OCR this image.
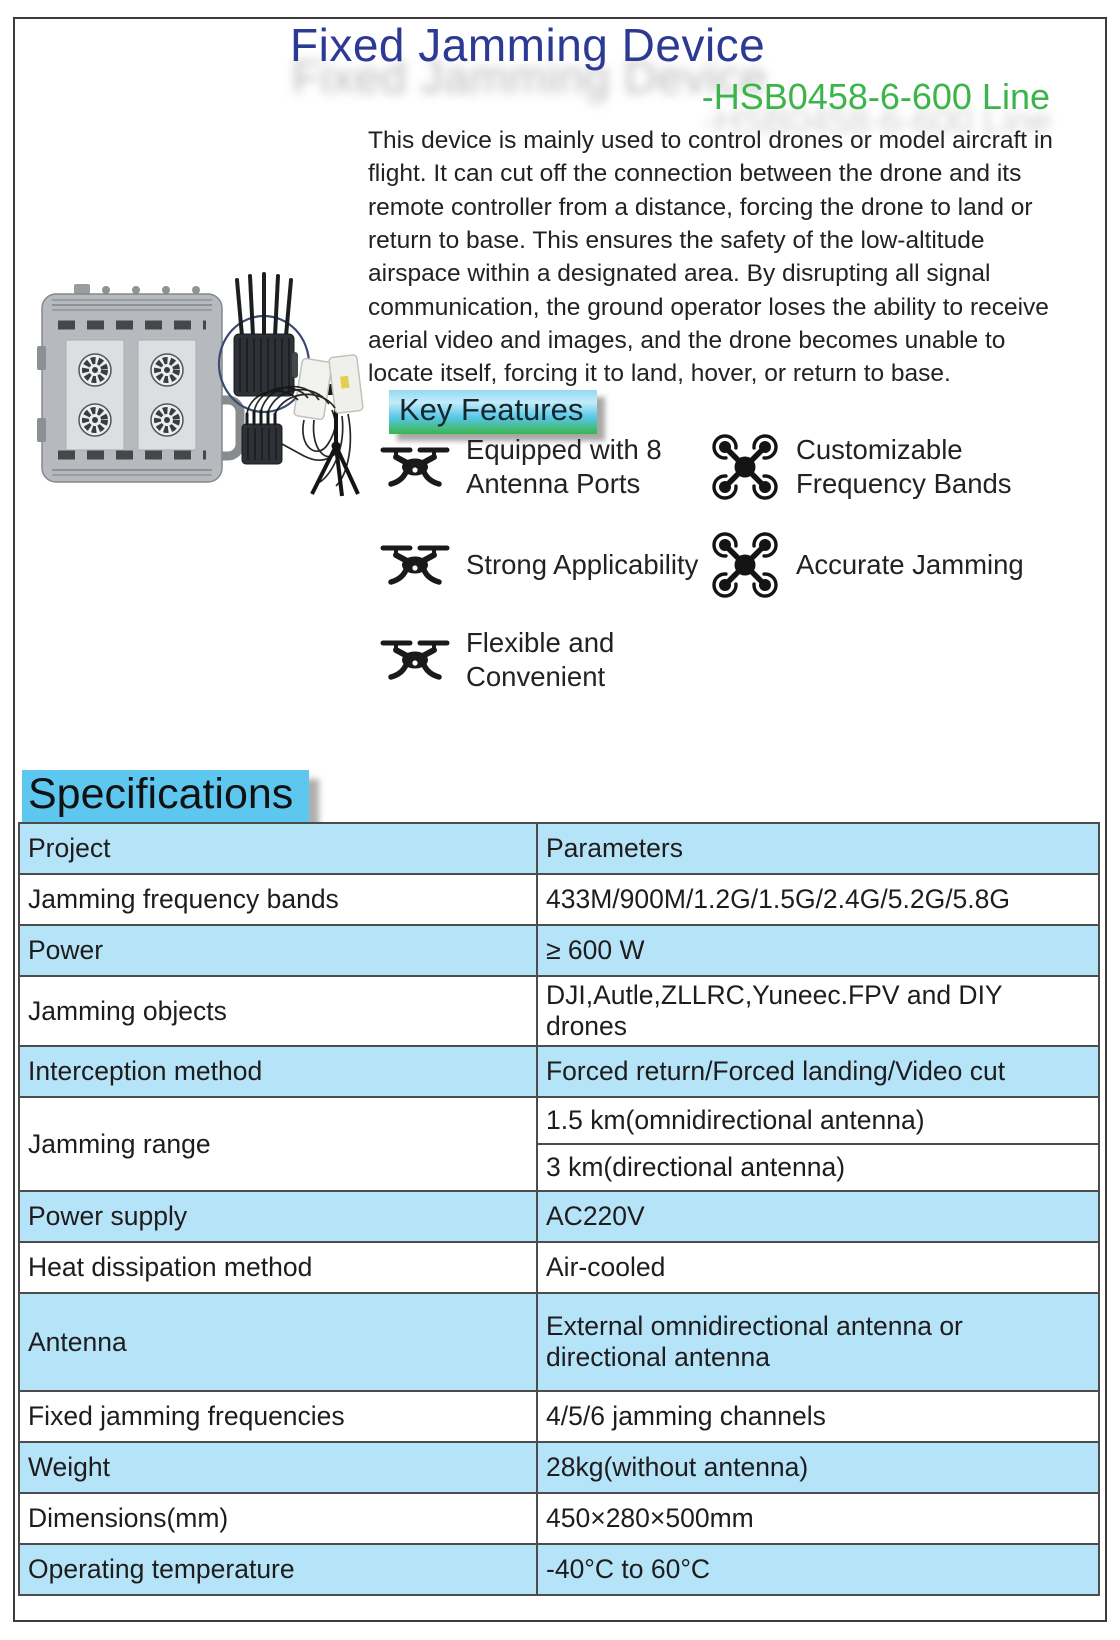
Fixed Jamming Device
-HSB0458-6-600 Line
This device is mainly used to control drones or model aircraft in flight. It can cut off the connection between the drone and its remote controller from a distance, forcing the drone to land or return to base. This ensures the safety of the low-altitude airspace within a designated area. By disrupting all signal communication, the ground operator loses the ability to receive aerial video and images, and the drone becomes unable to locate itself, forcing it to land, hover, or return to base.
Key Features
Equipped with 8 Antenna Ports
Customizable Frequency Bands
Strong Applicability	Accurate Jamming
Flexible and Convenient
Specifications
Project	Parameters
Jamming frequency bands	433M/900M/1.2G/1.5G/2.4G/5.2G/5.8G
Power	≥ 600 W
Jamming objects	DJI,Autle,ZLLRC,Yuneec.FPV and DIY drones
Interception method	Forced return/Forced landing/Video cut
Jamming range	1.5 km(omnidirectional antenna)
	3 km(directional antenna)
Power supply	AC220V
Heat dissipation method	Air-cooled
Antenna	External omnidirectional antenna or directional antenna
Fixed jamming frequencies	4/5/6 jamming channels
Weight	28kg(without antenna)
Dimensions(mm)	450×280×500mm
Operating temperature	-40°C to 60°C
